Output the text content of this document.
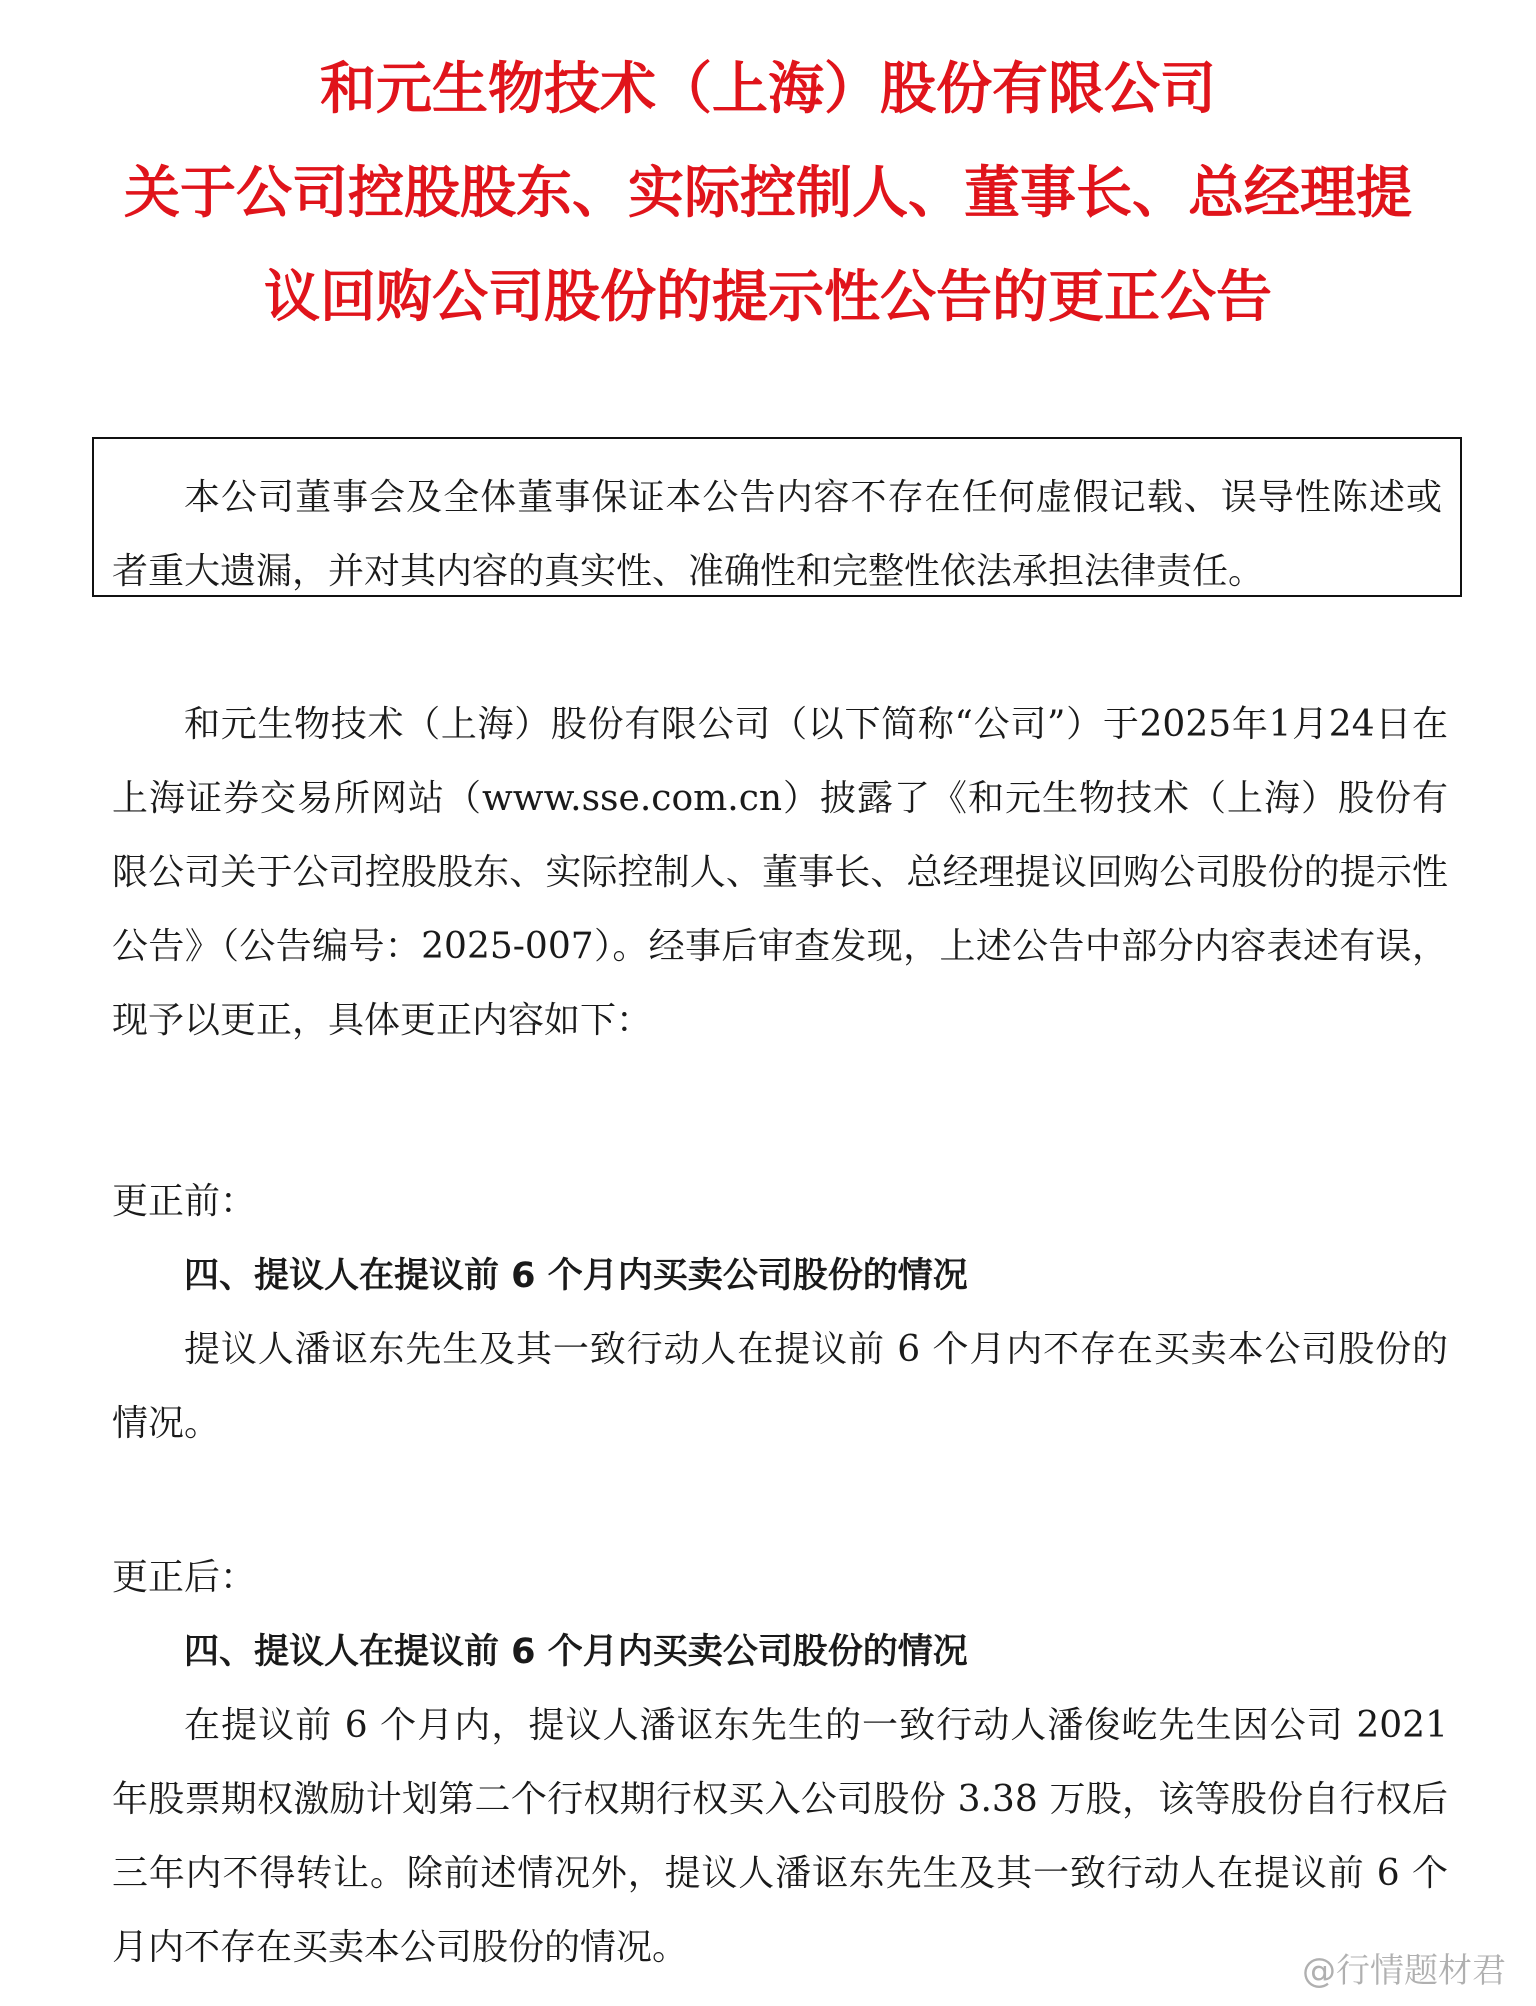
和元生物技术（上海）股份有限公司
关于公司控股股东、实际控制人、董事长、总经理提
议回购公司股份的提示性公告的更正公告

本公司董事会及全体董事保证本公告内容不存在任何虚假记载、误导性陈述或者重大遗漏，并对其内容的真实性、准确性和完整性依法承担法律责任。

和元生物技术（上海）股份有限公司（以下简称“公司”）于2025年1月24日在上海证券交易所网站（www.sse.com.cn）披露了《和元生物技术（上海）股份有限公司关于公司控股股东、实际控制人、董事长、总经理提议回购公司股份的提示性公告》（公告编号：2025-007）。经事后审查发现，上述公告中部分内容表述有误，现予以更正，具体更正内容如下：

更正前：

四、提议人在提议前 6 个月内买卖公司股份的情况

提议人潘讴东先生及其一致行动人在提议前 6 个月内不存在买卖本公司股份的情况。

更正后：

四、提议人在提议前 6 个月内买卖公司股份的情况

在提议前 6 个月内，提议人潘讴东先生的一致行动人潘俊屹先生因公司 2021 年股票期权激励计划第二个行权期行权买入公司股份 3.38 万股，该等股份自行权后三年内不得转让。除前述情况外，提议人潘讴东先生及其一致行动人在提议前 6 个月内不存在买卖本公司股份的情况。

@行情题材君
